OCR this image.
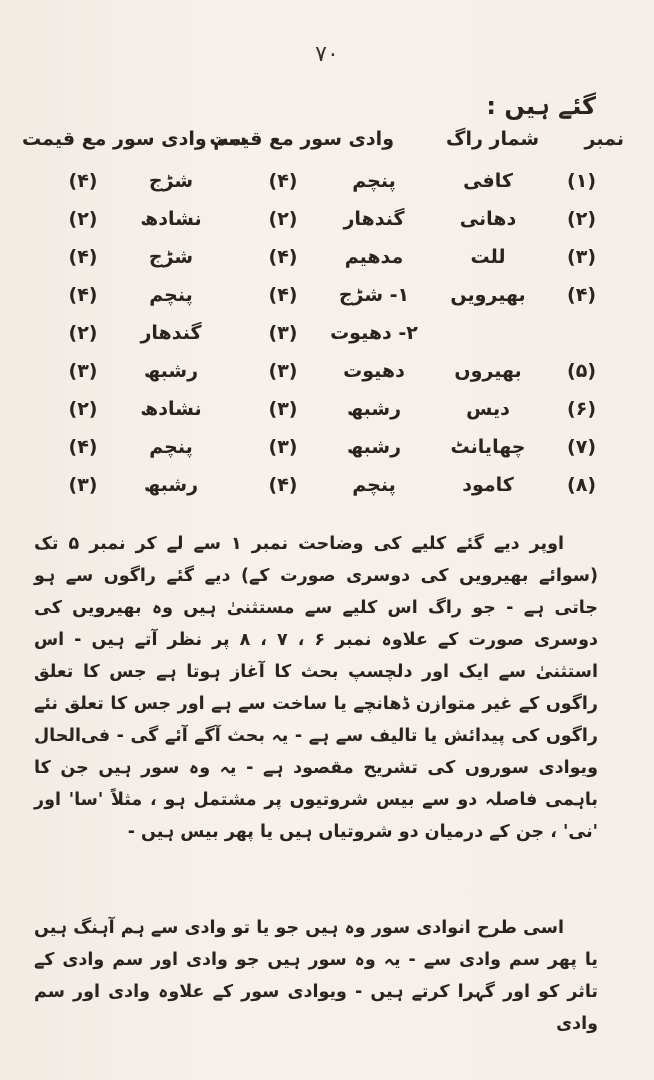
۷۰
گئے ہیں :
نمبر
شمار راگ
وادی سور مع قیمت
سم وادی سور مع قیمت
(۱)
کافی
پنچم
(۴)
شڑج
(۴)
(۲)
دھانی
گندھار
(۲)
نشادھ
(۲)
(۳)
للت
مدھیم
(۴)
شڑج
(۴)
(۴)
بھیرویں
۱- شڑج
(۴)
پنچم
(۴)
۲- دھیوت
(۳)
گندھار
(۲)
(۵)
بھیروں
دھیوت
(۳)
رشبھ
(۳)
(۶)
دیس
رشبھ
(۳)
نشادھ
(۲)
(۷)
چھایانٹ
رشبھ
(۳)
پنچم
(۴)
(۸)
کامود
پنچم
(۴)
رشبھ
(۳)

اوپر دیے گئے کلیے کی وضاحت نمبر ۱ سے لے کر نمبر ۵ تک (سوائے بھیرویں کی دوسری صورت کے) دیے گئے راگوں سے ہو جاتی ہے - جو راگ اس کلیے سے مستثنیٰ ہیں وہ بھیرویں کی دوسری صورت کے علاوہ نمبر ۶ ، ۷ ، ۸ پر نظر آتے ہیں - اس استثنیٰ سے ایک اور دلچسپ بحث کا آغاز ہوتا ہے جس کا تعلق راگوں کے غیر متوازن ڈھانچے یا ساخت سے ہے اور جس کا تعلق نئے راگوں کی پیدائش یا تالیف سے ہے - یہ بحث آگے آئے گی - فی‌الحال ویوادی سوروں کی تشریح مقصود ہے - یہ وہ سور ہیں جن کا باہمی فاصلہ دو سے بیس شروتیوں پر مشتمل ہو ، مثلاً 'سا' اور 'نی' ، جن کے درمیان دو شروتیاں ہیں یا پھر بیس ہیں -

اسی طرح انوادی سور وہ ہیں جو یا تو وادی سے ہم آہنگ ہیں یا پھر سم وادی سے - یہ وہ سور ہیں جو وادی اور سم وادی کے تاثر کو اور گہرا کرتے ہیں - ویوادی سور کے علاوہ وادی اور سم وادی
